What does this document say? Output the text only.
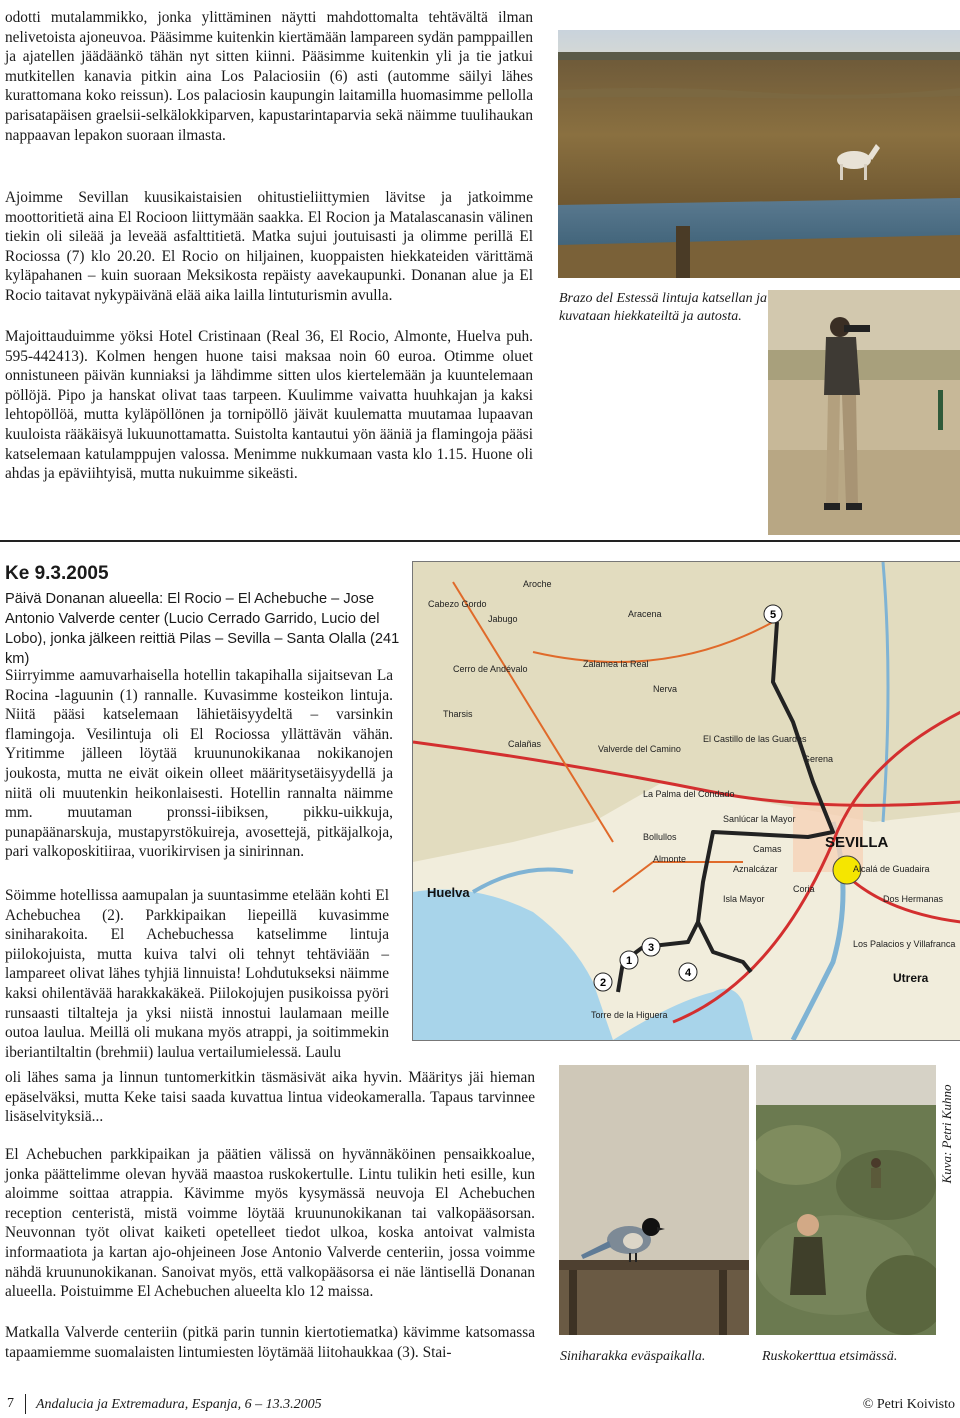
odotti mutalammikko, jonka ylittäminen näytti mahdottomalta tehtävältä ilman nelivetoista ajoneuvoa. Pääsimme kuitenkin kiertämään lampareen sydän pamppaillen ja ajatellen jäädäänkö tähän nyt sitten kiinni. Pääsimme kuitenkin yli ja tie jatkui mutkitellen kanavia pitkin aina Los Palaciosiin (6) asti (automme säilyi lähes kurattomana koko reissun). Los palaciosin kaupungin laitamilla huomasimme pellolla parisatapäisen graelsii-selkälokkiparven, kapustarintaparvia sekä näimme tuulihaukan nappaavan lepakon suoraan ilmasta.

Ajoimme Sevillan kuusikaistaisien ohitustieliittymien lävitse ja jatkoimme moottoritietä aina El Rocioon liittymään saakka. El Rocion ja Matalascanasin välinen tiekin oli sileää ja leveää asfalttitietä. Matka sujui joutuisasti ja olimme perillä El Rociossa (7) klo 20.20. El Rocio on hiljainen, kuoppaisten hiekkateiden värittämä kyläpahanen – kuin suoraan Meksikosta repäisty aavekaupunki. Donanan alue ja El Rocio taitavat nykypäivänä elää aika lailla lintuturismin avulla.

Majoittauduimme yöksi Hotel Cristinaan (Real 36, El Rocio, Almonte, Huelva puh. 595-442413). Kolmen hengen huone taisi maksaa noin 60 euroa. Otimme oluet onnistuneen päivän kunniaksi ja lähdimme sitten ulos kiertelemään ja kuuntelemaan pöllöjä. Pipo ja hanskat olivat taas tarpeen. Kuulimme vaivatta huuhkajan ja kaksi lehtopöllöä, mutta kyläpöllönen ja tornipöllö jäivät kuulematta muutamaa lupaavan kuuloista rääkäisyä lukuunottamatta. Suistolta kantautui yön ääniä ja flamingoja pääsi katselemaan katulamppujen valossa. Menimme nukkumaan vasta klo 1.15. Huone oli ahdas ja epäviihtyisä, mutta nukuimme sikeästi.

Brazo del Estessä lintuja katsellan ja kuvataan hiekkateiltä ja autosta.
Ke 9.3.2005
Päivä Donanan alueella: El Rocio – El Achebuche – Jose Antonio Valverde center (Lucio Cerrado Garrido, Lucio del Lobo), jonka jälkeen reittiä Pilas – Sevilla – Santa Olalla (241 km)

Siirryimme aamuvarhaisella hotellin takapihalla sijaitsevan La Rocina -laguunin (1) rannalle. Kuvasimme kosteikon lintuja. Niitä pääsi katselemaan lähietäisyydeltä – varsinkin flamingoja. Vesilintuja oli El Rociossa yllättävän vähän. Yritimme jälleen löytää kruununokikanaa nokikanojen joukosta, mutta ne eivät oikein olleet määritysetäisyydellä ja niitä oli muutenkin heikonlaisesti. Hotellin rannalta näimme mm. muutaman pronssi-iibiksen, pikku-uikkuja, punapäänarskuja, mustapyrstökuireja, avosettejä, pitkäjalkoja, pari valkoposkitiiraa, vuorikirvisen ja sinirinnan.

Söimme hotellissa aamupalan ja suuntasimme etelään kohti El Achebuchea (2). Parkkipaikan liepeillä kuvasimme siniharakoita. El Achebuchessa katselimme lintuja piilokojuista, mutta kuiva talvi oli tehnyt tehtäviään – lampareet olivat lähes tyhjiä linnuista! Lohdutukseksi näimme kaksi ohilentävää harakkakäkeä. Piilokojujen pusikoissa pyöri runsaasti tiltalteja ja yksi niistä innostui laulamaan meille outoa laulua. Meillä oli mukana myös atrappi, ja soitimmekin iberiantiltaltin (brehmii) laulua vertailumielessä. Laulu

oli lähes sama ja linnun tuntomerkitkin täsmäsivät aika hyvin. Määritys jäi hieman epäselväksi, mutta Keke taisi saada kuvattua lintua videokameralla. Tapaus tarvinnee lisäselvityksiä...

El Achebuchen parkkipaikan ja päätien välissä on hyvännäköinen pensaikkoalue, jonka päättelimme olevan hyvää maastoa ruskokertulle. Lintu tulikin heti esille, kun aloimme soittaa atrappia. Kävimme myös kysymässä neuvoja El Achebuchen reception centeristä, mistä voimme löytää kruununokikanan tai valkopääsorsan. Neuvonnan työt olivat kaiketi opetelleet tiedot ulkoa, koska antoivat valmista informaatiota ja kartan ajo-ohjeineen Jose Antonio Valverde centeriin, jossa voimme nähdä kruununokikanan. Sanoivat myös, että valkopääsorsa ei näe läntisellä Donanan alueella. Poistuimme El Achebuchen alueelta klo 12 maissa.

Matkalla Valverde centeriin (pitkä parin tunnin kiertotiematka) kävimme katsomassa tapaamiemme suomalaisten lintumiesten löytämää liitohaukkaa (3). Stai-

Cabezo Gordo
Aracena
Aroche
Jabugo
Zalamea la Real
Cerro de Andévalo
Nerva
Tharsis
Calañas	Valverde del Camino
El Castillo de las Guardas
Gerena
La Palma del Condado
Sanlúcar la Mayor
Bollullos
Camas
Alcalá de Guadaira
Almonte
Dos Hermanas
Los Palacios y Villafranca
Aznalcázar
Isla Mayor
Coria
Torre de la Higuera
SEVILLA
Huelva
Utrera
5
3
1
2
4
Kuva: Petri Kuhno
Siniharakka eväspaikalla.	Ruskokerttua etsimässä.
7 Andalucia ja Extremadura, Espanja, 6 – 13.3.2005	© Petri Koivisto
